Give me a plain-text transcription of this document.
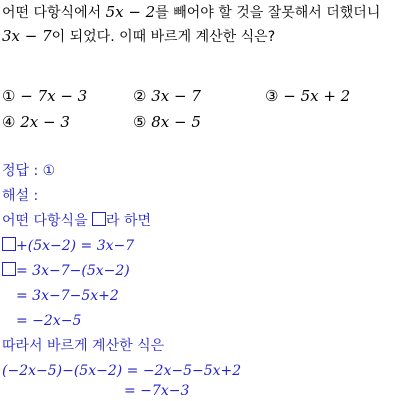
어떤 다항식에서 5x − 2를 빼어야 할 것을 잘못해서 더했더니
3x − 7이 되었다. 이때 바르게 계산한 식은?
① − 7x − 3	② 3x − 7	③ − 5x + 2
④ 2x − 3	⑤ 8x − 5
정답 : ①
해설 :
어떤 다항식을 라 하면
+(5x−2) = 3x−7
= 3x−7−(5x−2)
= 3x−7−5x+2
= −2x−5
따라서 바르게 계산한 식은
(−2x−5)−(5x−2) = −2x−5−5x+2
= −7x−3
